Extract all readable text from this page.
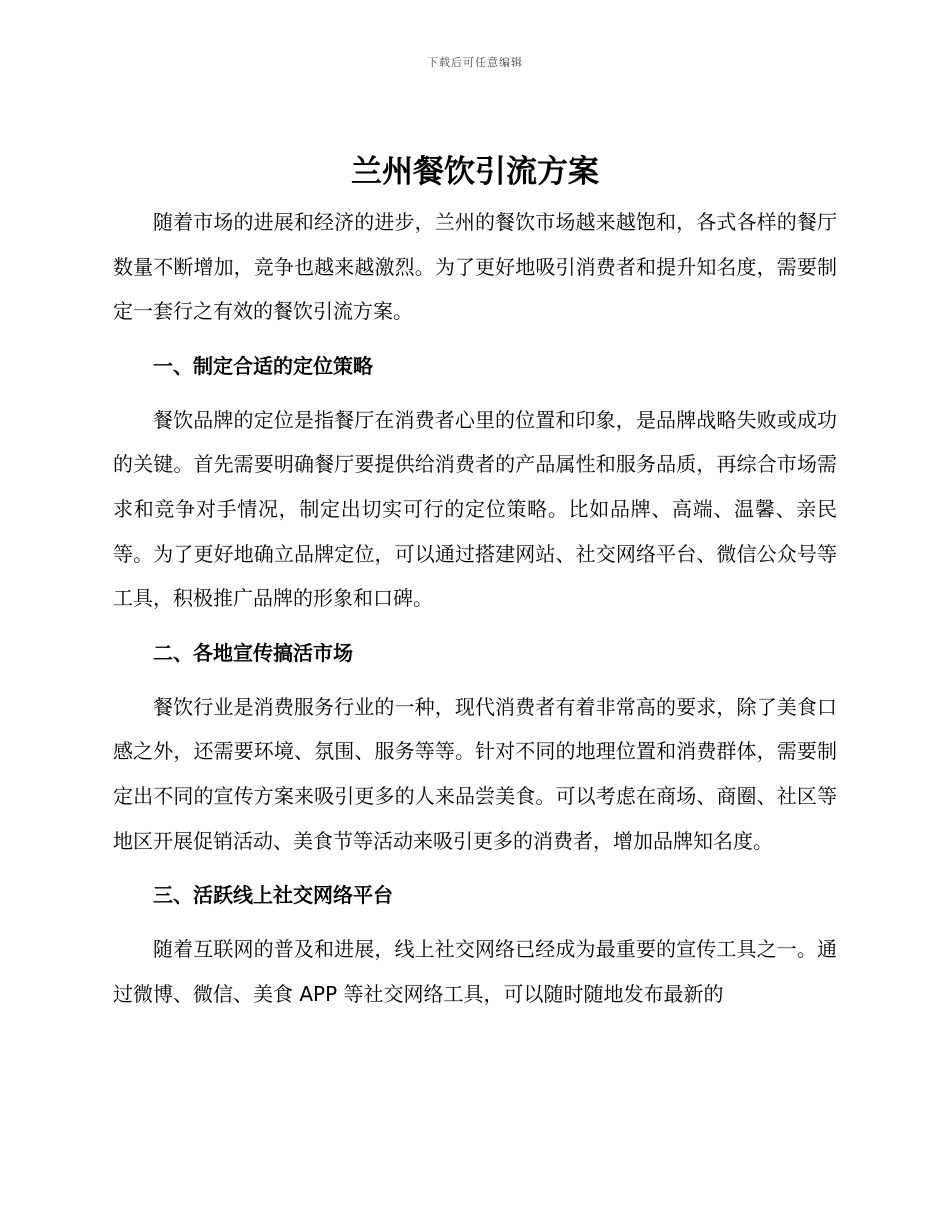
下载后可任意编辑
兰州餐饮引流方案

随着市场的进展和经济的进步，兰州的餐饮市场越来越饱和，各式各样的餐厅数量不断增加，竞争也越来越激烈。为了更好地吸引消费者和提升知名度，需要制定一套行之有效的餐饮引流方案。

一、制定合适的定位策略

餐饮品牌的定位是指餐厅在消费者心里的位置和印象，是品牌战略失败或成功的关键。首先需要明确餐厅要提供给消费者的产品属性和服务品质，再综合市场需求和竞争对手情况，制定出切实可行的定位策略。比如品牌、高端、温馨、亲民等。为了更好地确立品牌定位，可以通过搭建网站、社交网络平台、微信公众号等工具，积极推广品牌的形象和口碑。

二、各地宣传搞活市场

餐饮行业是消费服务行业的一种，现代消费者有着非常高的要求，除了美食口感之外，还需要环境、氛围、服务等等。针对不同的地理位置和消费群体，需要制定出不同的宣传方案来吸引更多的人来品尝美食。可以考虑在商场、商圈、社区等地区开展促销活动、美食节等活动来吸引更多的消费者，增加品牌知名度。

三、活跃线上社交网络平台

随着互联网的普及和进展，线上社交网络已经成为最重要的宣传工具之一。通过微博、微信、美食 APP 等社交网络工具，可以随时随地发布最新的
